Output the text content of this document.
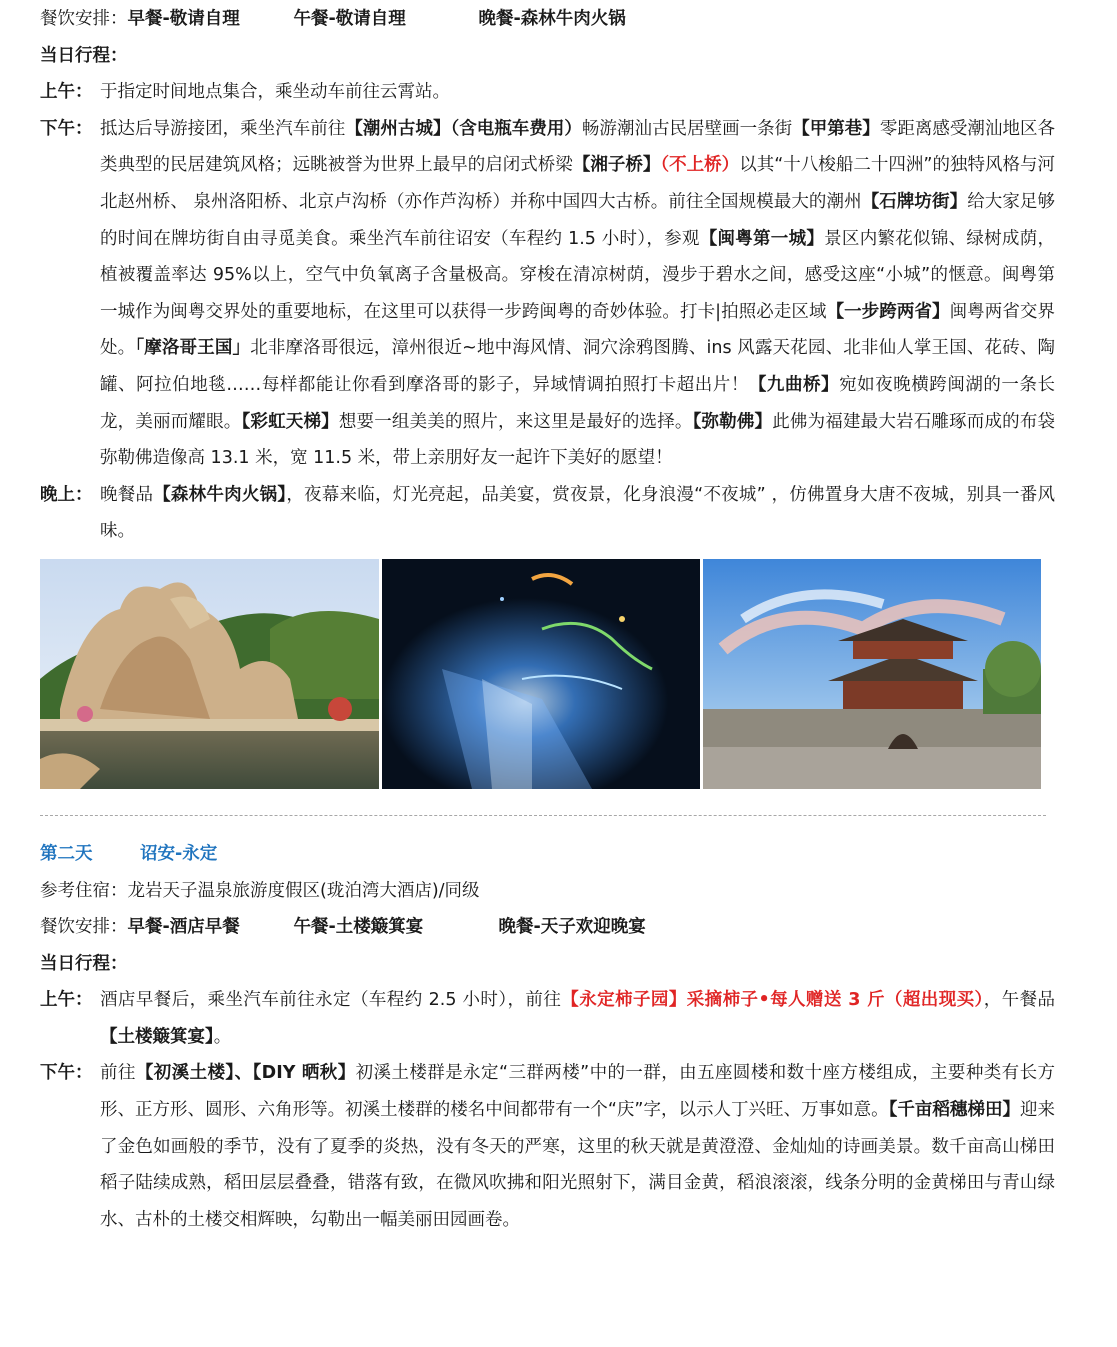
餐饮安排：早餐-敬请自理	午餐-敬请自理	晚餐-森林牛肉火锅
当日行程：
上午： 于指定时间地点集合，乘坐动车前往云霄站。
下午： 抵达后导游接团，乘坐汽车前往【潮州古城】（含电瓶车费用）畅游潮汕古民居壁画一条街【甲第巷】零距离感受潮汕地区各类典型的民居建筑风格；远眺被誉为世界上最早的启闭式桥梁【湘子桥】（不上桥）以其“十八梭船二十四洲”的独特风格与河北赵州桥、 泉州洛阳桥、北京卢沟桥（亦作芦沟桥）并称中国四大古桥。前往全国规模最大的潮州【石牌坊街】给大家足够的时间在牌坊街自由寻觅美食。乘坐汽车前往诏安（车程约 1.5 小时），参观【闽粤第一城】景区内繁花似锦、绿树成荫，植被覆盖率达 95%以上，空气中负氧离子含量极高。穿梭在清凉树荫，漫步于碧水之间，感受这座“小城”的惬意。闽粤第一城作为闽粤交界处的重要地标，在这里可以获得一步跨闽粤的奇妙体验。打卡|拍照必走区域【一步跨两省】闽粤两省交界处。「摩洛哥王国」北非摩洛哥很远，漳州很近~地中海风情、洞穴涂鸦图腾、ins 风露天花园、北非仙人掌王国、花砖、陶罐、阿拉伯地毯……每样都能让你看到摩洛哥的影子，异域情调拍照打卡超出片！【九曲桥】宛如夜晚横跨闽湖的一条长龙，美丽而耀眼。【彩虹天梯】想要一组美美的照片，来这里是最好的选择。【弥勒佛】此佛为福建最大岩石雕琢而成的布袋弥勒佛造像高 13.1 米，宽 11.5 米，带上亲朋好友一起许下美好的愿望！
晚上： 晚餐品【森林牛肉火锅】，夜幕来临，灯光亮起，品美宴，赏夜景，化身浪漫“不夜城” ，仿佛置身大唐不夜城，别具一番风味。
第二天	诏安-永定
参考住宿：龙岩天子温泉旅游度假区(珑泊湾大酒店)/同级
餐饮安排：早餐-酒店早餐	午餐-土楼簸箕宴	晚餐-天子欢迎晚宴
当日行程：
上午： 酒店早餐后，乘坐汽车前往永定（车程约 2.5 小时），前往【永定柿子园】采摘柿子•每人赠送 3 斤（超出现买），午餐品【土楼簸箕宴】。
下午： 前往【初溪土楼】、【DIY 晒秋】初溪土楼群是永定“三群两楼”中的一群，由五座圆楼和数十座方楼组成，主要种类有长方形、正方形、圆形、六角形等。初溪土楼群的楼名中间都带有一个“庆”字，以示人丁兴旺、万事如意。【千亩稻穗梯田】迎来了金色如画般的季节，没有了夏季的炎热，没有冬天的严寒，这里的秋天就是黄澄澄、金灿灿的诗画美景。数千亩高山梯田稻子陆续成熟，稻田层层叠叠，错落有致，在微风吹拂和阳光照射下，满目金黄，稻浪滚滚，线条分明的金黄梯田与青山绿水、古朴的土楼交相辉映，勾勒出一幅美丽田园画卷。
